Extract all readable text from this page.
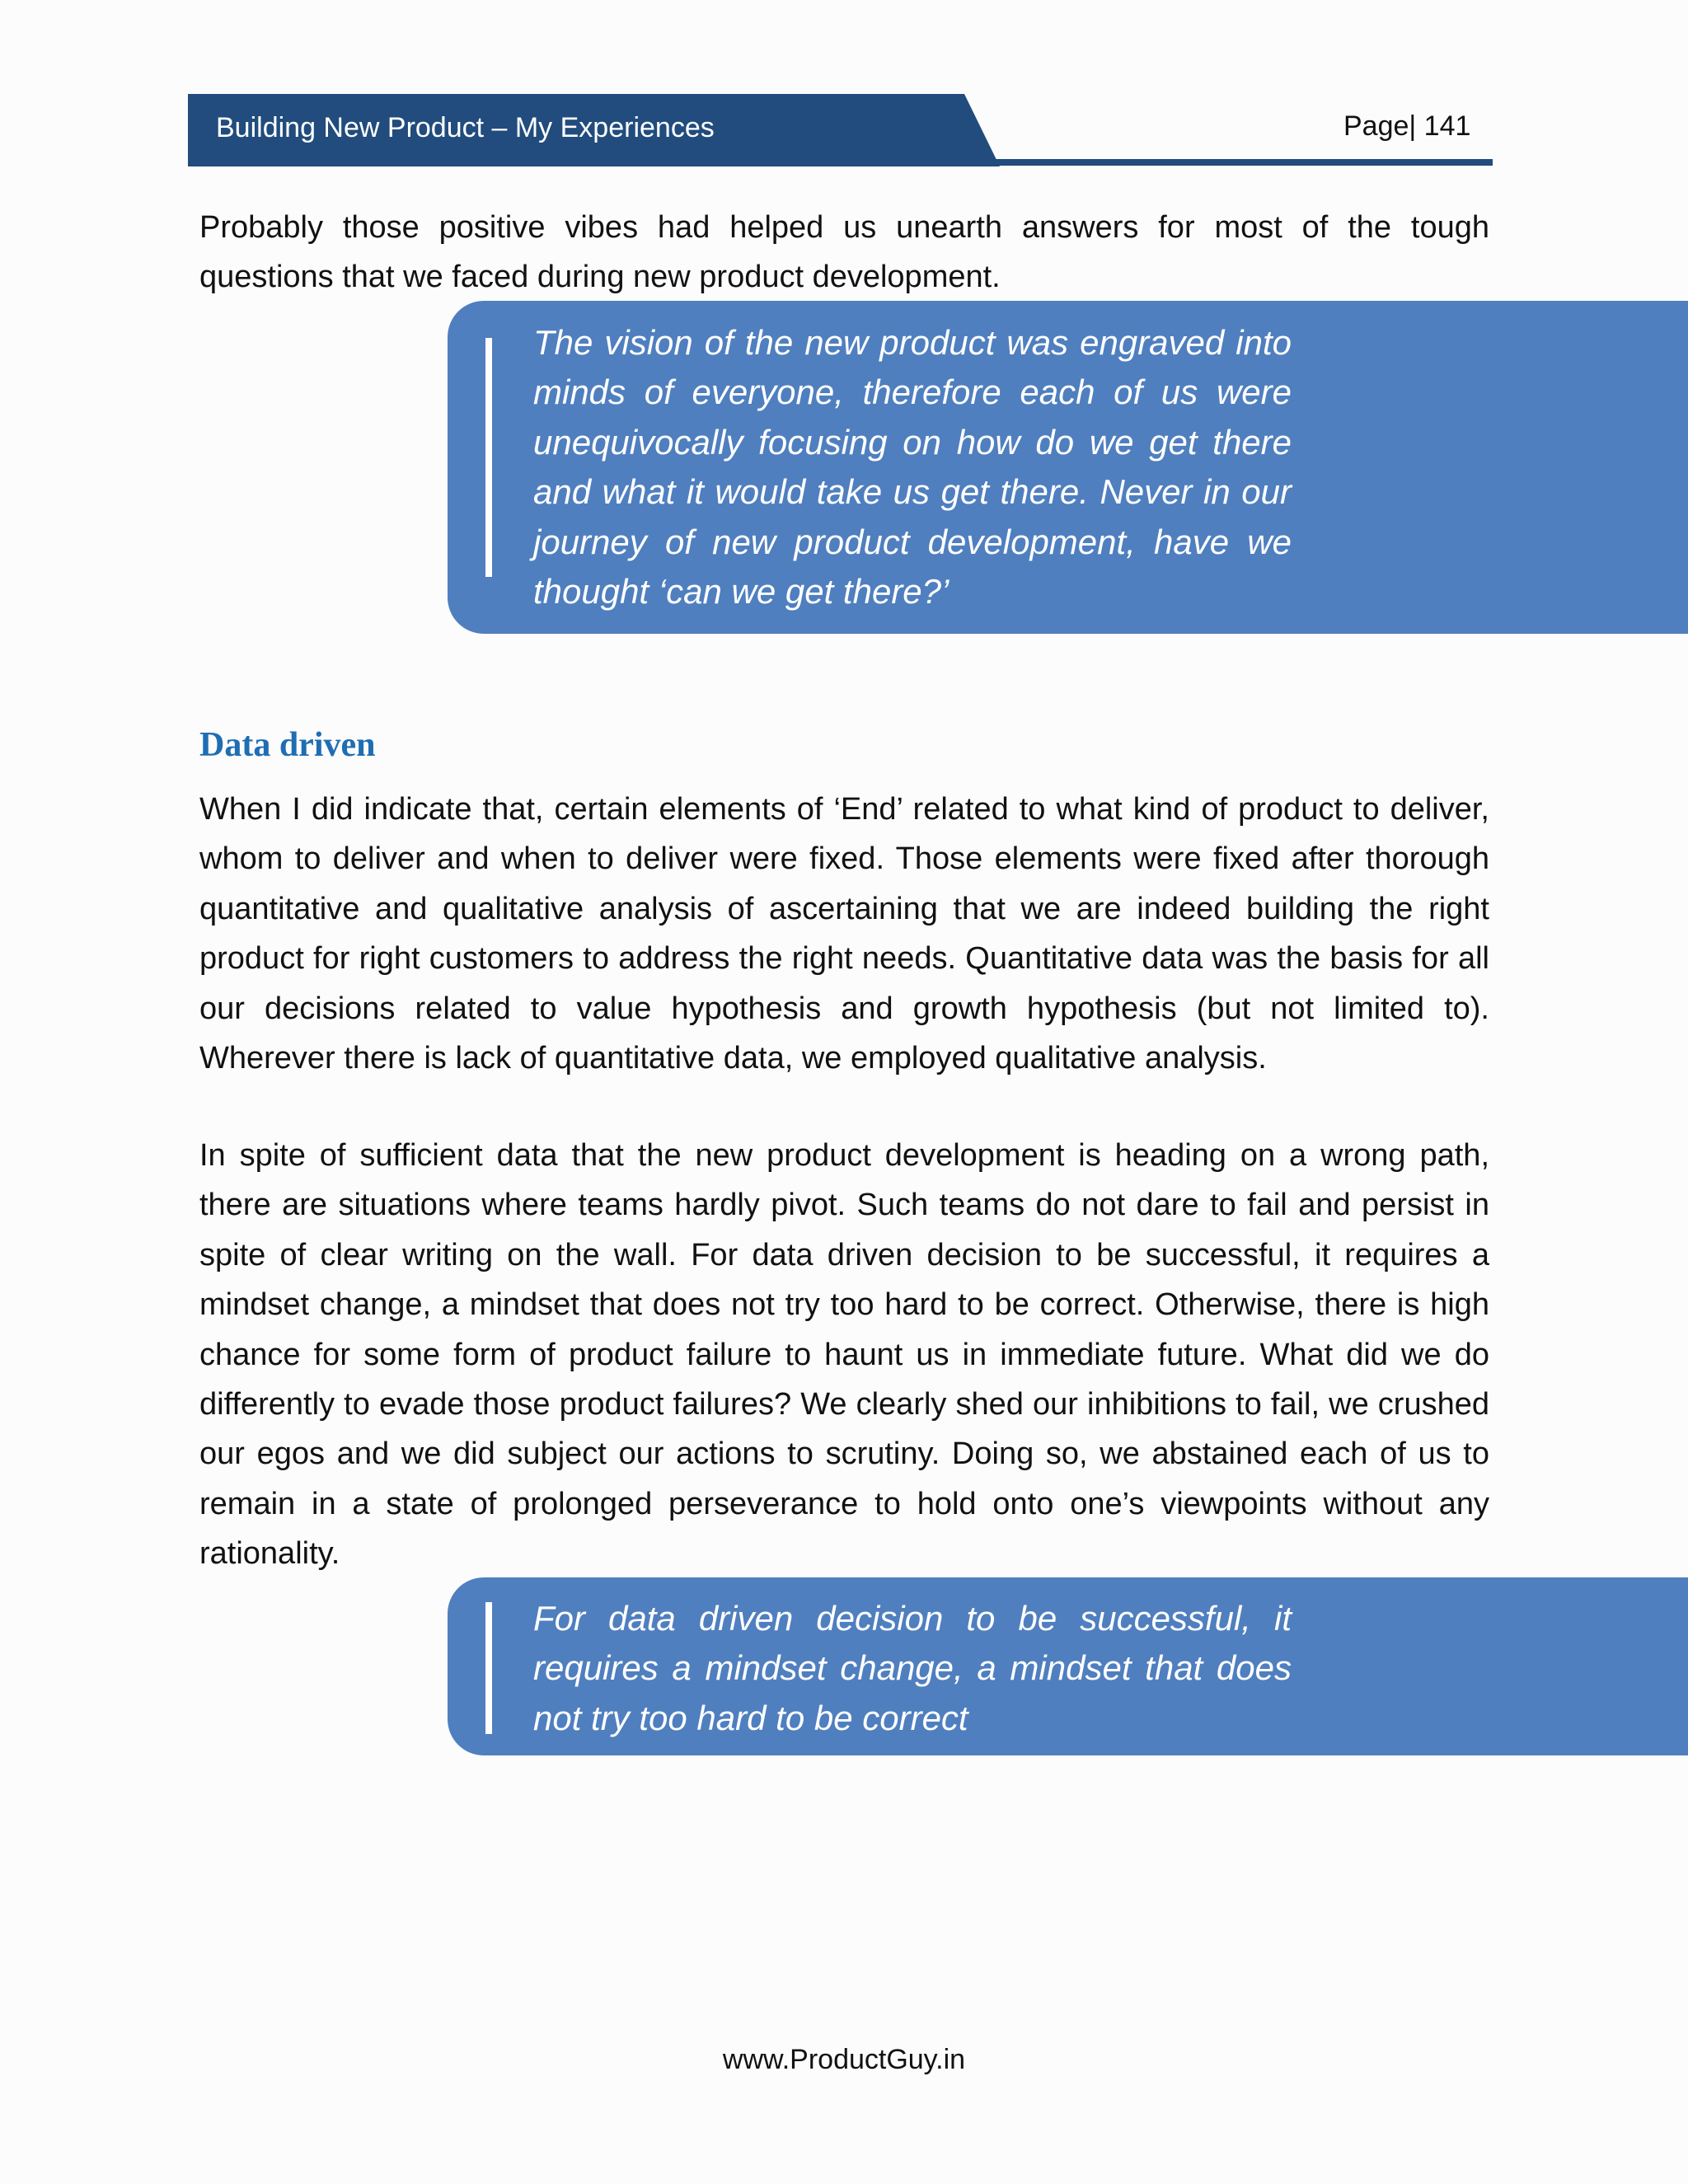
Building New Product – My Experiences	Page| 141

Probably those positive vibes had helped us unearth answers for most of the tough questions that we faced during new product development.

The vision of the new product was engraved into minds of everyone, therefore each of us were unequivocally focusing on how do we get there and what it would take us get there. Never in our journey of new product development, have we thought ‘can we get there?’

Data driven

When I did indicate that, certain elements of ‘End’ related to what kind of product to deliver, whom to deliver and when to deliver were fixed. Those elements were fixed after thorough quantitative and qualitative analysis of ascertaining that we are indeed building the right product for right customers to address the right needs. Quantitative data was the basis for all our decisions related to value hypothesis and growth hypothesis (but not limited to). Wherever there is lack of quantitative data, we employed qualitative analysis.

In spite of sufficient data that the new product development is heading on a wrong path, there are situations where teams hardly pivot. Such teams do not dare to fail and persist in spite of clear writing on the wall. For data driven decision to be successful, it requires a mindset change, a mindset that does not try too hard to be correct. Otherwise, there is high chance for some form of product failure to haunt us in immediate future. What did we do differently to evade those product failures? We clearly shed our inhibitions to fail, we crushed our egos and we did subject our actions to scrutiny. Doing so, we abstained each of us to remain in a state of prolonged perseverance to hold onto one’s viewpoints without any rationality.

For data driven decision to be successful, it requires a mindset change, a mindset that does not try too hard to be correct

www.ProductGuy.in
